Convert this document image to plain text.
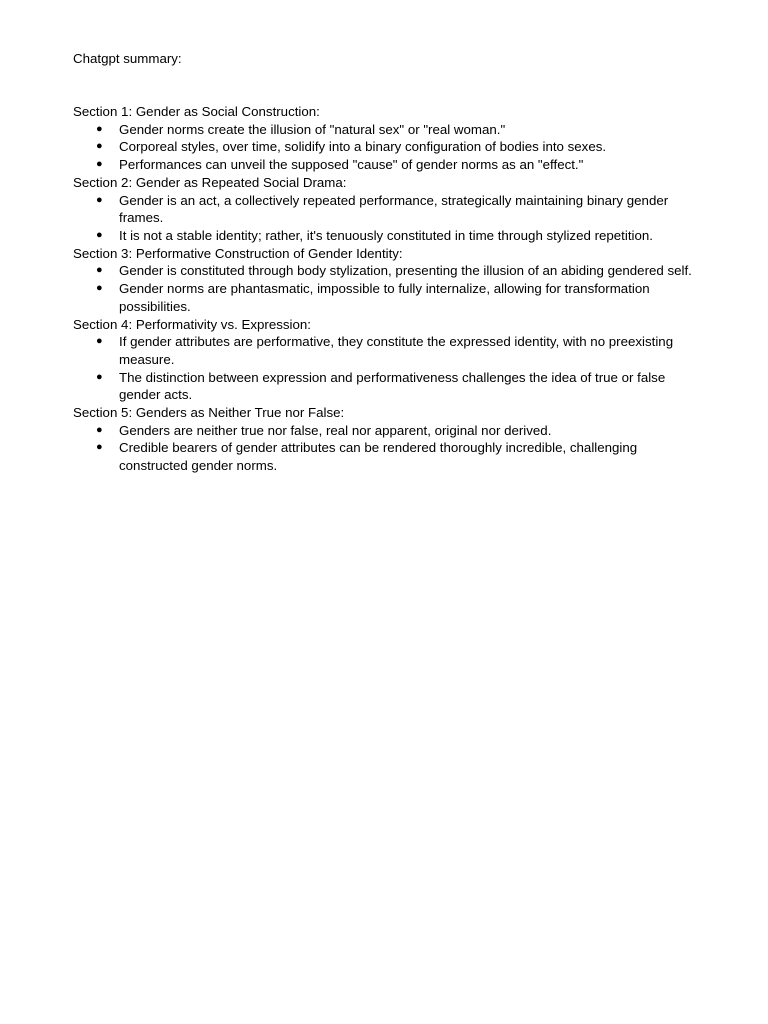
Chatgpt summary:

Section 1: Gender as Social Construction:

● Gender norms create the illusion of "natural sex" or "real woman."
● Corporeal styles, over time, solidify into a binary configuration of bodies into sexes.
● Performances can unveil the supposed "cause" of gender norms as an "effect."

Section 2: Gender as Repeated Social Drama:

● Gender is an act, a collectively repeated performance, strategically maintaining binary gender frames.
● It is not a stable identity; rather, it's tenuously constituted in time through stylized repetition.

Section 3: Performative Construction of Gender Identity:

● Gender is constituted through body stylization, presenting the illusion of an abiding gendered self.
● Gender norms are phantasmatic, impossible to fully internalize, allowing for transformation possibilities.

Section 4: Performativity vs. Expression:

● If gender attributes are performative, they constitute the expressed identity, with no preexisting measure.
● The distinction between expression and performativeness challenges the idea of true or false gender acts.

Section 5: Genders as Neither True nor False:

● Genders are neither true nor false, real nor apparent, original nor derived.
● Credible bearers of gender attributes can be rendered thoroughly incredible, challenging constructed gender norms.
